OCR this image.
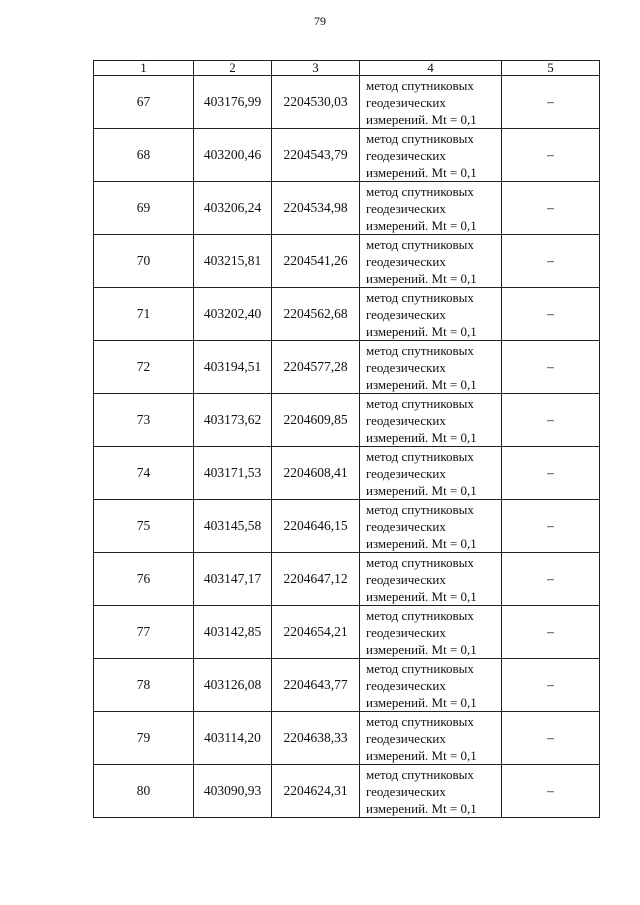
79
1	2	3	4	5
67	403176,99	2204530,03	метод спутниковых
геодезических
измерений. Mt = 0,1	–
68	403200,46	2204543,79	метод спутниковых
геодезических
измерений. Mt = 0,1	–
69	403206,24	2204534,98	метод спутниковых
геодезических
измерений. Mt = 0,1	–
70	403215,81	2204541,26	метод спутниковых
геодезических
измерений. Mt = 0,1	–
71	403202,40	2204562,68	метод спутниковых
геодезических
измерений. Mt = 0,1	–
72	403194,51	2204577,28	метод спутниковых
геодезических
измерений. Mt = 0,1	–
73	403173,62	2204609,85	метод спутниковых
геодезических
измерений. Mt = 0,1	–
74	403171,53	2204608,41	метод спутниковых
геодезических
измерений. Mt = 0,1	–
75	403145,58	2204646,15	метод спутниковых
геодезических
измерений. Mt = 0,1	–
76	403147,17	2204647,12	метод спутниковых
геодезических
измерений. Mt = 0,1	–
77	403142,85	2204654,21	метод спутниковых
геодезических
измерений. Mt = 0,1	–
78	403126,08	2204643,77	метод спутниковых
геодезических
измерений. Mt = 0,1	–
79	403114,20	2204638,33	метод спутниковых
геодезических
измерений. Mt = 0,1	–
80	403090,93	2204624,31	метод спутниковых
геодезических
измерений. Mt = 0,1	–
